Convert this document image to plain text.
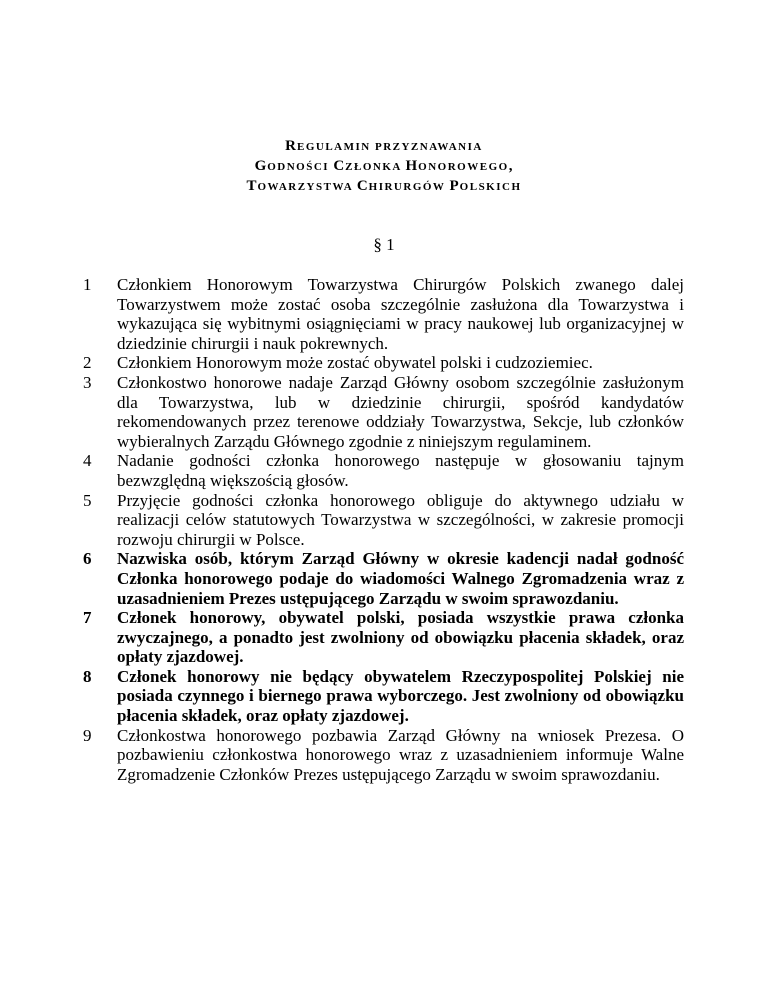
REGULAMIN PRZYZNAWANIA
GODNOŚCI CZŁONKA HONOROWEGO,
TOWARZYSTWA CHIRURGÓW POLSKICH
§ 1
1	Członkiem Honorowym Towarzystwa Chirurgów Polskich zwanego dalej Towarzystwem może zostać osoba szczególnie zasłużona dla Towarzystwa i wykazująca się wybitnymi osiągnięciami w pracy naukowej lub organizacyjnej w dziedzinie chirurgii i nauk pokrewnych.
2	Członkiem Honorowym może zostać obywatel polski i cudzoziemiec.
3	Członkostwo honorowe nadaje Zarząd Główny osobom szczególnie zasłużonym dla Towarzystwa, lub w dziedzinie chirurgii, spośród kandydatów rekomendowanych przez terenowe oddziały Towarzystwa, Sekcje, lub członków wybieralnych Zarządu Głównego zgodnie z niniejszym regulaminem.
4	Nadanie godności członka honorowego następuje w głosowaniu tajnym bezwzględną większością głosów.
5	Przyjęcie godności członka honorowego obliguje do aktywnego udziału w realizacji celów statutowych Towarzystwa w szczególności, w zakresie promocji rozwoju chirurgii w Polsce.
6	Nazwiska osób, którym Zarząd Główny w okresie kadencji nadał godność Członka honorowego podaje do wiadomości Walnego Zgromadzenia wraz z uzasadnieniem Prezes ustępującego Zarządu w swoim sprawozdaniu.
7	Członek honorowy, obywatel polski, posiada wszystkie prawa członka zwyczajnego, a ponadto jest zwolniony od obowiązku płacenia składek, oraz opłaty zjazdowej.
8	Członek honorowy nie będący obywatelem Rzeczypospolitej Polskiej nie posiada czynnego i biernego prawa wyborczego. Jest zwolniony od obowiązku płacenia składek, oraz opłaty zjazdowej.
9	Członkostwa honorowego pozbawia Zarząd Główny na wniosek Prezesa. O pozbawieniu członkostwa honorowego wraz z uzasadnieniem informuje Walne Zgromadzenie Członków Prezes ustępującego Zarządu w swoim sprawozdaniu.
